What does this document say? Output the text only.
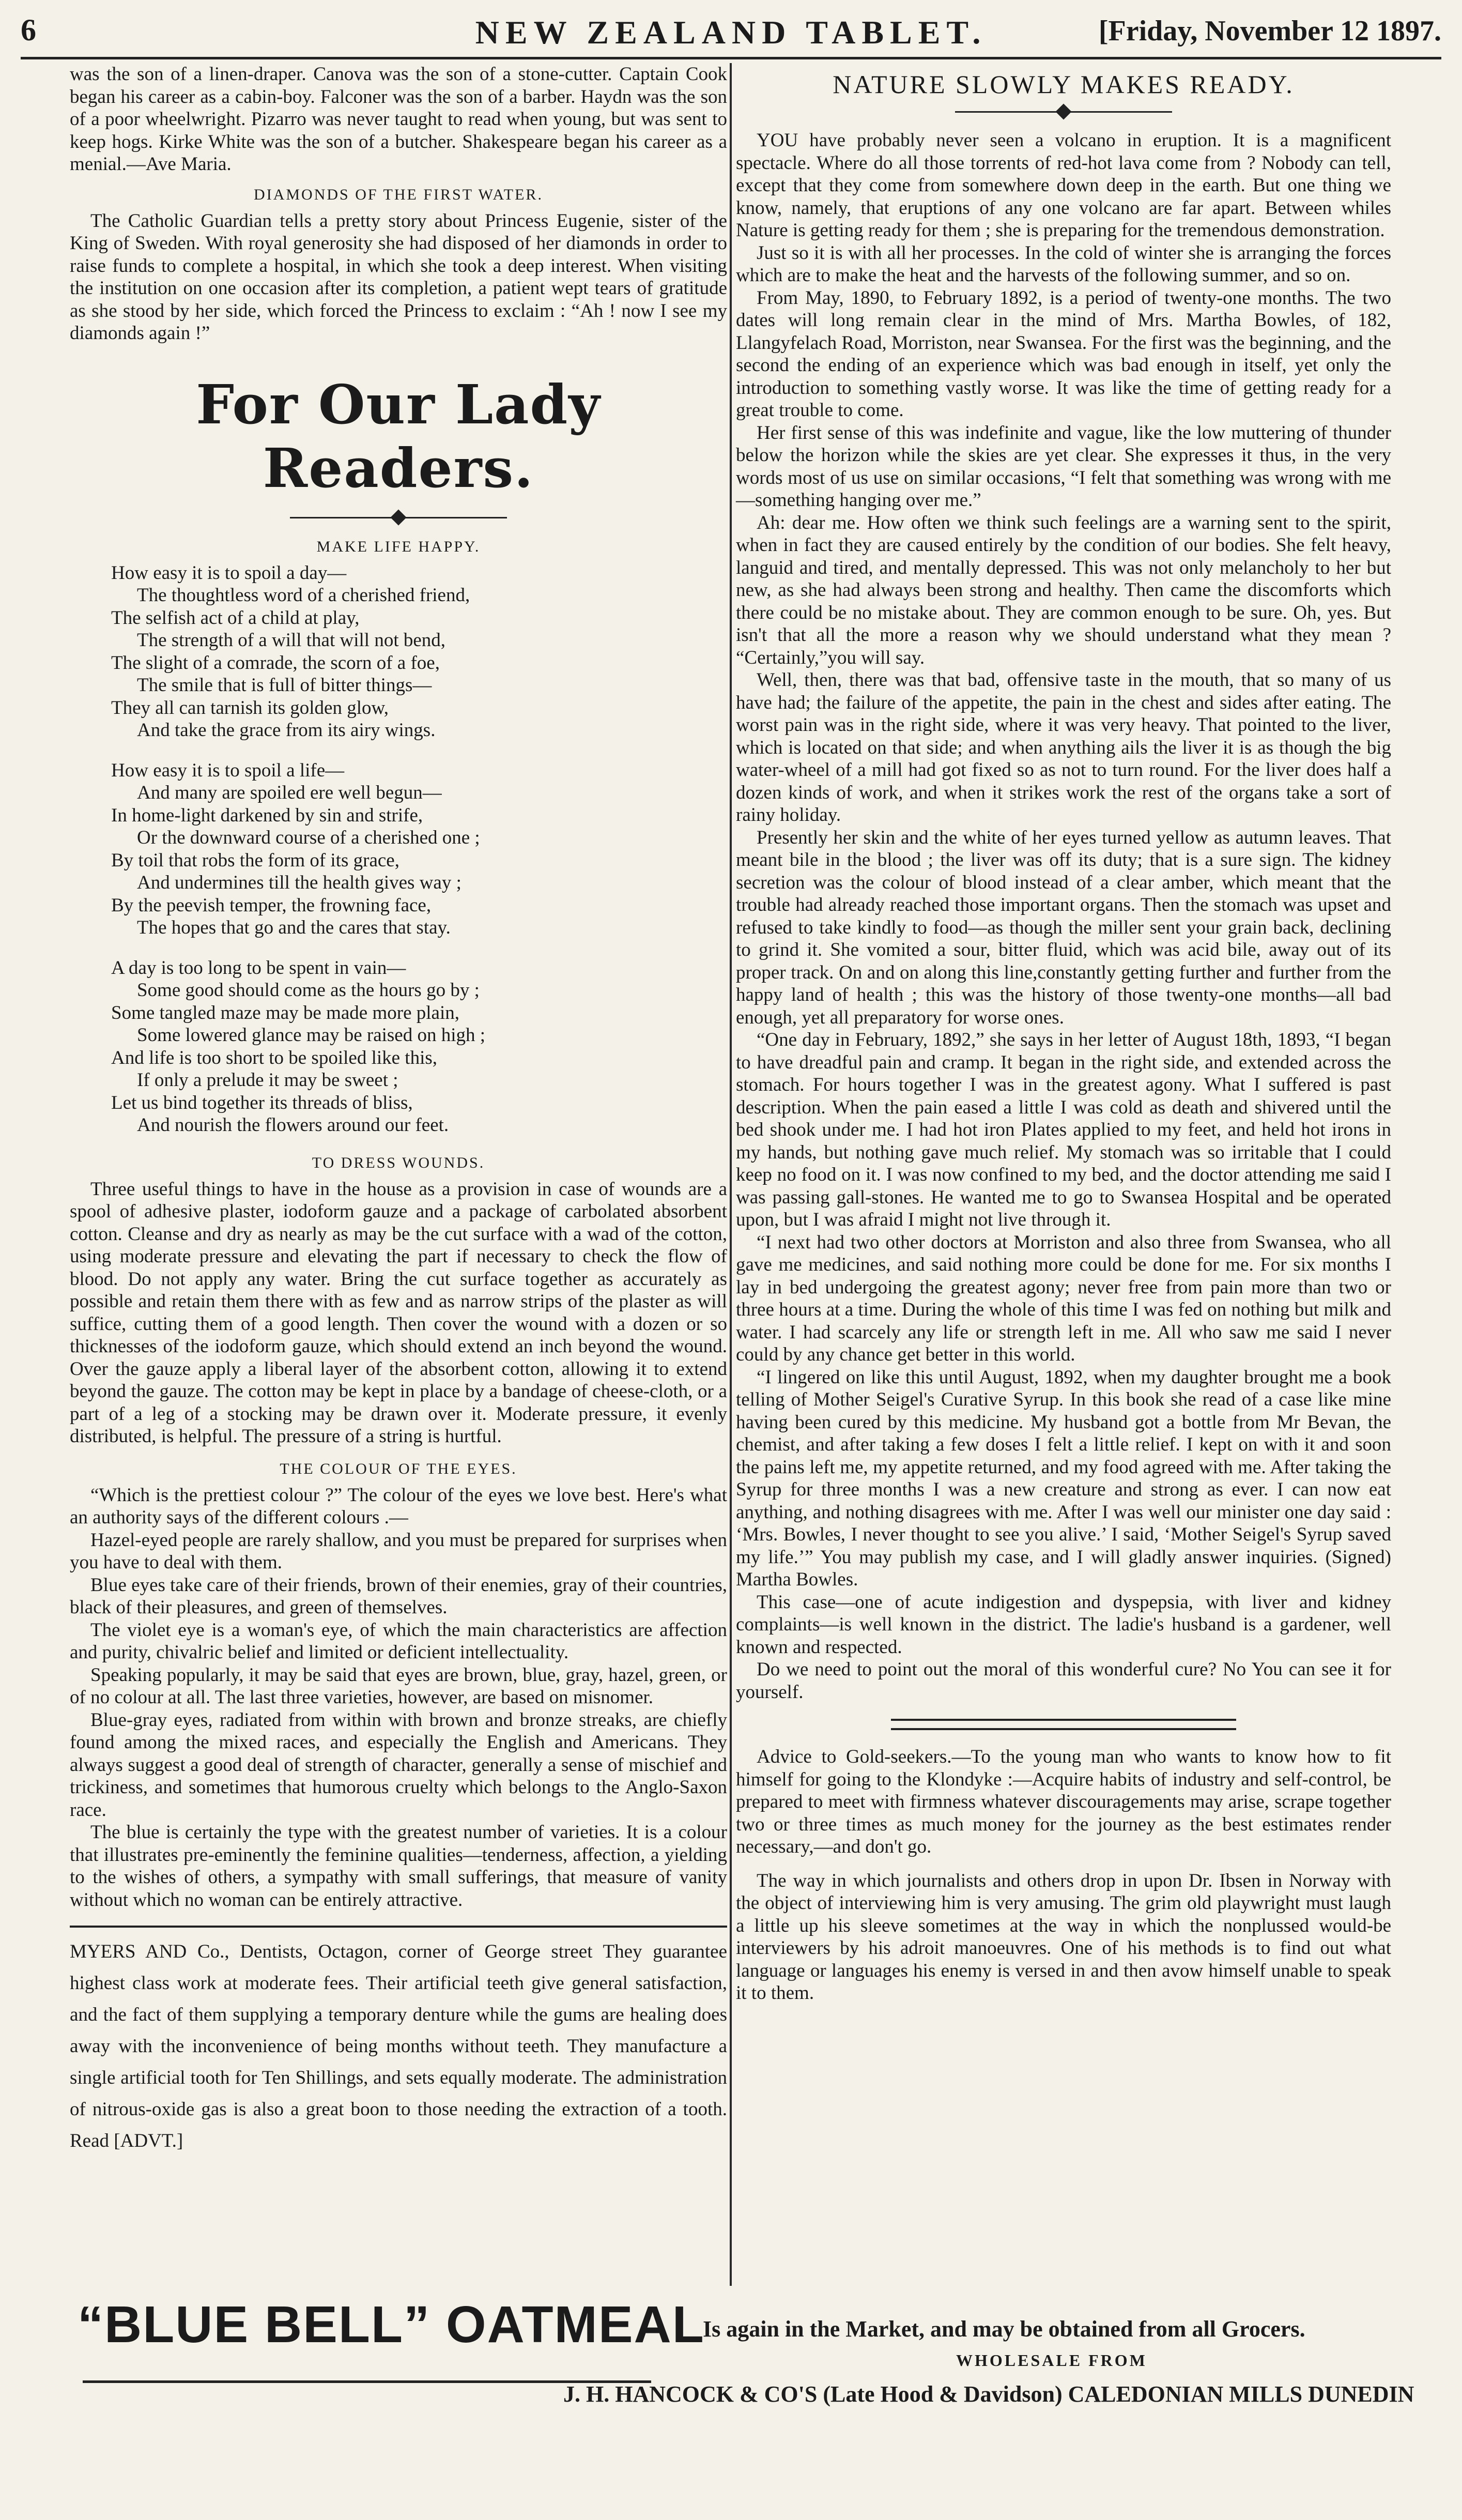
6	NEW ZEALAND TABLET.	[Friday, November 12 1897.

was the son of a linen-draper. Canova was the son of a stone-cutter. Captain Cook began his career as a cabin-boy. Falconer was the son of a barber. Haydn was the son of a poor wheelwright. Pizarro was never taught to read when young, but was sent to keep hogs. Kirke White was the son of a butcher. Shakespeare began his career as a menial.—Ave Maria.

DIAMONDS OF THE FIRST WATER.

The Catholic Guardian tells a pretty story about Princess Eugenie, sister of the King of Sweden. With royal generosity she had disposed of her diamonds in order to raise funds to complete a hospital, in which she took a deep interest. When visiting the institution on one occasion after its completion, a patient wept tears of gratitude as she stood by her side, which forced the Princess to exclaim : “Ah ! now I see my diamonds again !”

For Our Lady Readers.
MAKE LIFE HAPPY.
How easy it is to spoil a day—
The thoughtless word of a cherished friend,
The selfish act of a child at play,
The strength of a will that will not bend,
The slight of a comrade, the scorn of a foe,
The smile that is full of bitter things—
They all can tarnish its golden glow,
And take the grace from its airy wings.
How easy it is to spoil a life—
And many are spoiled ere well begun—
In home-light darkened by sin and strife,
Or the downward course of a cherished one ;
By toil that robs the form of its grace,
And undermines till the health gives way ;
By the peevish temper, the frowning face,
The hopes that go and the cares that stay.
A day is too long to be spent in vain—
Some good should come as the hours go by ;
Some tangled maze may be made more plain,
Some lowered glance may be raised on high ;
And life is too short to be spoiled like this,
If only a prelude it may be sweet ;
Let us bind together its threads of bliss,
And nourish the flowers around our feet.
TO DRESS WOUNDS.

Three useful things to have in the house as a provision in case of wounds are a spool of adhesive plaster, iodoform gauze and a package of carbolated absorbent cotton. Cleanse and dry as nearly as may be the cut surface with a wad of the cotton, using moderate pressure and elevating the part if necessary to check the flow of blood. Do not apply any water. Bring the cut surface together as accurately as possible and retain them there with as few and as narrow strips of the plaster as will suffice, cutting them of a good length. Then cover the wound with a dozen or so thicknesses of the iodoform gauze, which should extend an inch beyond the wound. Over the gauze apply a liberal layer of the absorbent cotton, allowing it to extend beyond the gauze. The cotton may be kept in place by a bandage of cheese-cloth, or a part of a leg of a stocking may be drawn over it. Moderate pressure, it evenly distributed, is helpful. The pressure of a string is hurtful.

THE COLOUR OF THE EYES.

“Which is the prettiest colour ?” The colour of the eyes we love best. Here's what an authority says of the different colours .—

Hazel-eyed people are rarely shallow, and you must be prepared for surprises when you have to deal with them.

Blue eyes take care of their friends, brown of their enemies, gray of their countries, black of their pleasures, and green of themselves.

The violet eye is a woman's eye, of which the main characteristics are affection and purity, chivalric belief and limited or deficient intellectuality.

Speaking popularly, it may be said that eyes are brown, blue, gray, hazel, green, or of no colour at all. The last three varieties, however, are based on misnomer.

Blue-gray eyes, radiated from within with brown and bronze streaks, are chiefly found among the mixed races, and especially the English and Americans. They always suggest a good deal of strength of character, generally a sense of mischief and trickiness, and sometimes that humorous cruelty which belongs to the Anglo-Saxon race.

The blue is certainly the type with the greatest number of varieties. It is a colour that illustrates pre-eminently the feminine qualities—tenderness, affection, a yielding to the wishes of others, a sympathy with small sufferings, that measure of vanity without which no woman can be entirely attractive.

MYERS AND Co., Dentists, Octagon, corner of George street They guarantee highest class work at moderate fees. Their artificial teeth give general satisfaction, and the fact of them supplying a temporary denture while the gums are healing does away with the inconvenience of being months without teeth. They manufacture a single artificial tooth for Ten Shillings, and sets equally moderate. The administration of nitrous-oxide gas is also a great boon to those needing the extraction of a tooth. Read [ADVT.]

NATURE SLOWLY MAKES READY.

YOU have probably never seen a volcano in eruption. It is a magnificent spectacle. Where do all those torrents of red-hot lava come from ? Nobody can tell, except that they come from somewhere down deep in the earth. But one thing we know, namely, that eruptions of any one volcano are far apart. Between whiles Nature is getting ready for them ; she is preparing for the tremendous demonstration.

Just so it is with all her processes. In the cold of winter she is arranging the forces which are to make the heat and the harvests of the following summer, and so on.

From May, 1890, to February 1892, is a period of twenty-one months. The two dates will long remain clear in the mind of Mrs. Martha Bowles, of 182, Llangyfelach Road, Morriston, near Swansea. For the first was the beginning, and the second the ending of an experience which was bad enough in itself, yet only the introduction to something vastly worse. It was like the time of getting ready for a great trouble to come.

Her first sense of this was indefinite and vague, like the low muttering of thunder below the horizon while the skies are yet clear. She expresses it thus, in the very words most of us use on similar occasions, “I felt that something was wrong with me—something hanging over me.”

Ah: dear me. How often we think such feelings are a warning sent to the spirit, when in fact they are caused entirely by the condition of our bodies. She felt heavy, languid and tired, and mentally depressed. This was not only melancholy to her but new, as she had always been strong and healthy. Then came the discomforts which there could be no mistake about. They are common enough to be sure. Oh, yes. But isn't that all the more a reason why we should understand what they mean ? “Certainly,”you will say.

Well, then, there was that bad, offensive taste in the mouth, that so many of us have had; the failure of the appetite, the pain in the chest and sides after eating. The worst pain was in the right side, where it was very heavy. That pointed to the liver, which is located on that side; and when anything ails the liver it is as though the big water-wheel of a mill had got fixed so as not to turn round. For the liver does half a dozen kinds of work, and when it strikes work the rest of the organs take a sort of rainy holiday.

Presently her skin and the white of her eyes turned yellow as autumn leaves. That meant bile in the blood ; the liver was off its duty; that is a sure sign. The kidney secretion was the colour of blood instead of a clear amber, which meant that the trouble had already reached those important organs. Then the stomach was upset and refused to take kindly to food—as though the miller sent your grain back, declining to grind it. She vomited a sour, bitter fluid, which was acid bile, away out of its proper track. On and on along this line,constantly getting further and further from the happy land of health ; this was the history of those twenty-one months—all bad enough, yet all preparatory for worse ones.

“One day in February, 1892,” she says in her letter of August 18th, 1893, “I began to have dreadful pain and cramp. It began in the right side, and extended across the stomach. For hours together I was in the greatest agony. What I suffered is past description. When the pain eased a little I was cold as death and shivered until the bed shook under me. I had hot iron Plates applied to my feet, and held hot irons in my hands, but nothing gave much relief. My stomach was so irritable that I could keep no food on it. I was now confined to my bed, and the doctor attending me said I was passing gall-stones. He wanted me to go to Swansea Hospital and be operated upon, but I was afraid I might not live through it.

“I next had two other doctors at Morriston and also three from Swansea, who all gave me medicines, and said nothing more could be done for me. For six months I lay in bed undergoing the greatest agony; never free from pain more than two or three hours at a time. During the whole of this time I was fed on nothing but milk and water. I had scarcely any life or strength left in me. All who saw me said I never could by any chance get better in this world.

“I lingered on like this until August, 1892, when my daughter brought me a book telling of Mother Seigel's Curative Syrup. In this book she read of a case like mine having been cured by this medicine. My husband got a bottle from Mr Bevan, the chemist, and after taking a few doses I felt a little relief. I kept on with it and soon the pains left me, my appetite returned, and my food agreed with me. After taking the Syrup for three months I was a new creature and strong as ever. I can now eat anything, and nothing disagrees with me. After I was well our minister one day said : ‘Mrs. Bowles, I never thought to see you alive.’ I said, ‘Mother Seigel's Syrup saved my life.’” You may publish my case, and I will gladly answer inquiries. (Signed) Martha Bowles.

This case—one of acute indigestion and dyspepsia, with liver and kidney complaints—is well known in the district. The ladie's husband is a gardener, well known and respected.

Do we need to point out the moral of this wonderful cure? No You can see it for yourself.

Advice to Gold-seekers.—To the young man who wants to know how to fit himself for going to the Klondyke :—Acquire habits of industry and self-control, be prepared to meet with firmness whatever discouragements may arise, scrape together two or three times as much money for the journey as the best estimates render necessary,—and don't go.

The way in which journalists and others drop in upon Dr. Ibsen in Norway with the object of interviewing him is very amusing. The grim old playwright must laugh a little up his sleeve sometimes at the way in which the nonplussed would-be interviewers by his adroit manoeuvres. One of his methods is to find out what language or languages his enemy is versed in and then avow himself unable to speak it to them.

“BLUE BELL” OATMEAL
Is again in the Market, and may be obtained from all Grocers.
WHOLESALE FROM
J. H. HANCOCK & CO'S (Late Hood & Davidson) CALEDONIAN MILLS DUNEDIN
